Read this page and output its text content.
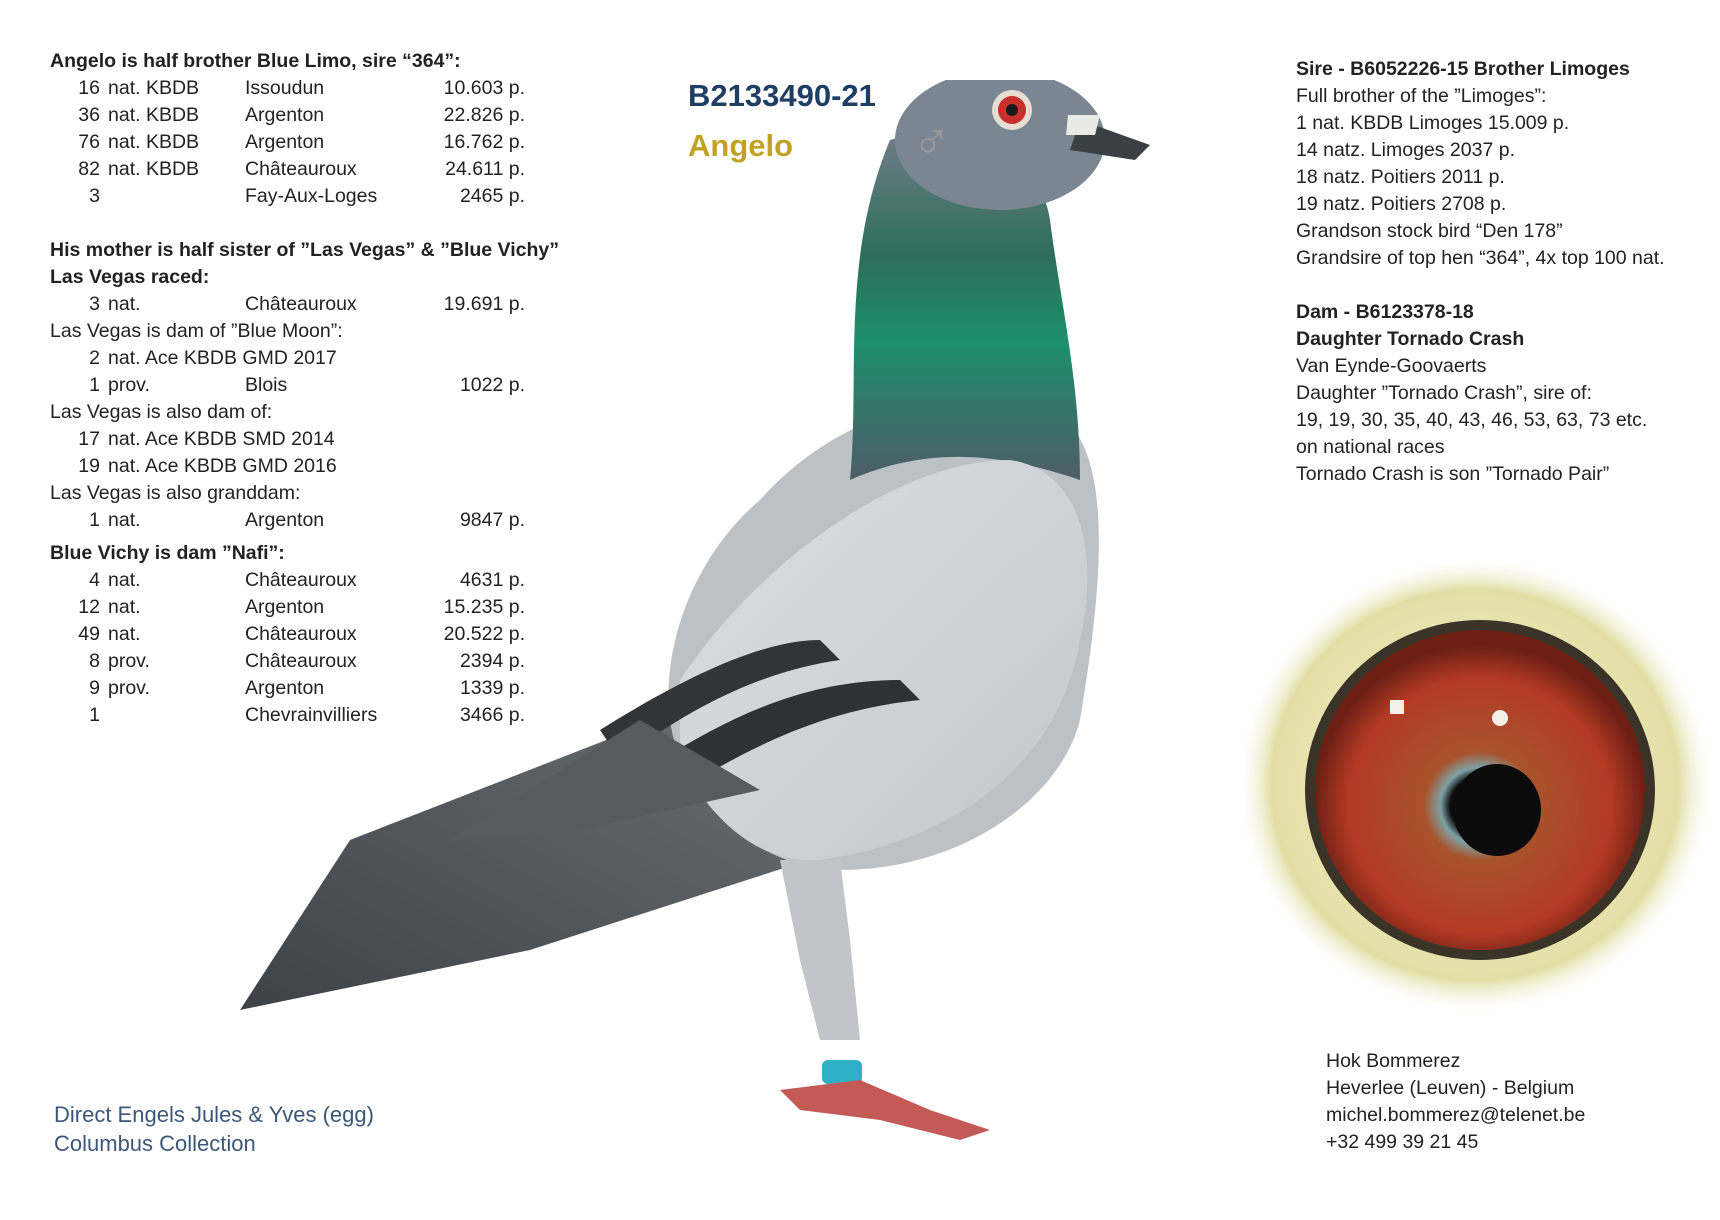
Angelo is half brother Blue Limo, sire “364”:
16 nat. KBDB	Issoudun	10.603 p.
36 nat. KBDB	Argenton	22.826 p.
76 nat. KBDB	Argenton	16.762 p.
82 nat. KBDB	Châteauroux	24.611 p.
3	Fay-Aux-Loges	2465 p.
His mother is half sister of ”Las Vegas” & ”Blue Vichy”
Las Vegas raced:
3 nat.	Châteauroux	19.691 p.
Las Vegas is dam of ”Blue Moon”:
2 nat. Ace KBDB GMD 2017
1 prov.	Blois	1022 p.
Las Vegas is also dam of:
17 nat. Ace KBDB SMD 2014
19 nat. Ace KBDB GMD 2016
Las Vegas is also granddam:
1 nat.	Argenton	9847 p.
Blue Vichy is dam ”Nafi”:
4 nat.	Châteauroux	4631 p.
12 nat.	Argenton	15.235 p.
49 nat.	Châteauroux	20.522 p.
8 prov.	Châteauroux	2394 p.
9 prov.	Argenton	1339 p.
1	Chevrainvilliers	3466 p.
B2133490-21
Angelo ♂
Sire - B6052226-15 Brother Limoges
Full brother of the ”Limoges”:
1 nat. KBDB Limoges 15.009 p.
14 natz. Limoges 2037 p.
18 natz. Poitiers 2011 p.
19 natz. Poitiers 2708 p.
Grandson stock bird “Den 178”
Grandsire of top hen “364”, 4x top 100 nat.
Dam - B6123378-18
Daughter Tornado Crash
Van Eynde-Goovaerts
Daughter ”Tornado Crash”, sire of:
19, 19, 30, 35, 40, 43, 46, 53, 63, 73 etc.
on national races
Tornado Crash is son ”Tornado Pair”
Direct Engels Jules & Yves (egg)
Columbus Collection
Hok Bommerez
Heverlee (Leuven) - Belgium
michel.bommerez@telenet.be
+32 499 39 21 45
